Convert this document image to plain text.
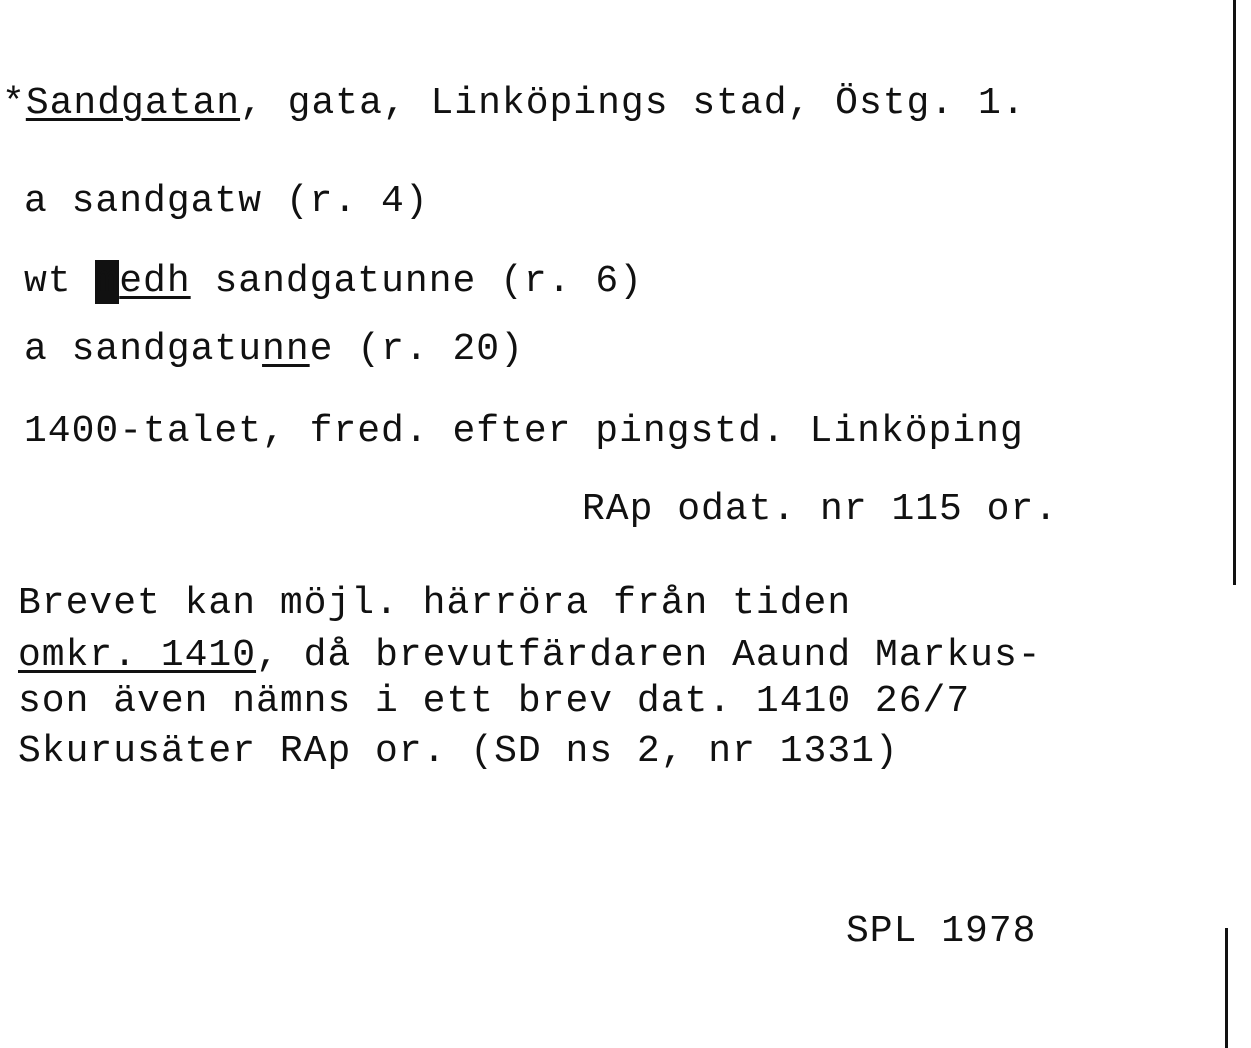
*Sandgatan, gata, Linköpings stad, Östg. 1.
a sandgatw (r. 4)
wt medh sandgatunne (r. 6)
a sandgatunne (r. 20)
1400-talet, fred. efter pingstd. Linköping
RAp odat. nr 115 or.
Brevet kan möjl. härröra från tiden
omkr. 1410, då brevutfärdaren Aaund Markus-
son även nämns i ett brev dat. 1410 26/7
Skurusäter RAp or. (SD ns 2, nr 1331)
SPL 1978
